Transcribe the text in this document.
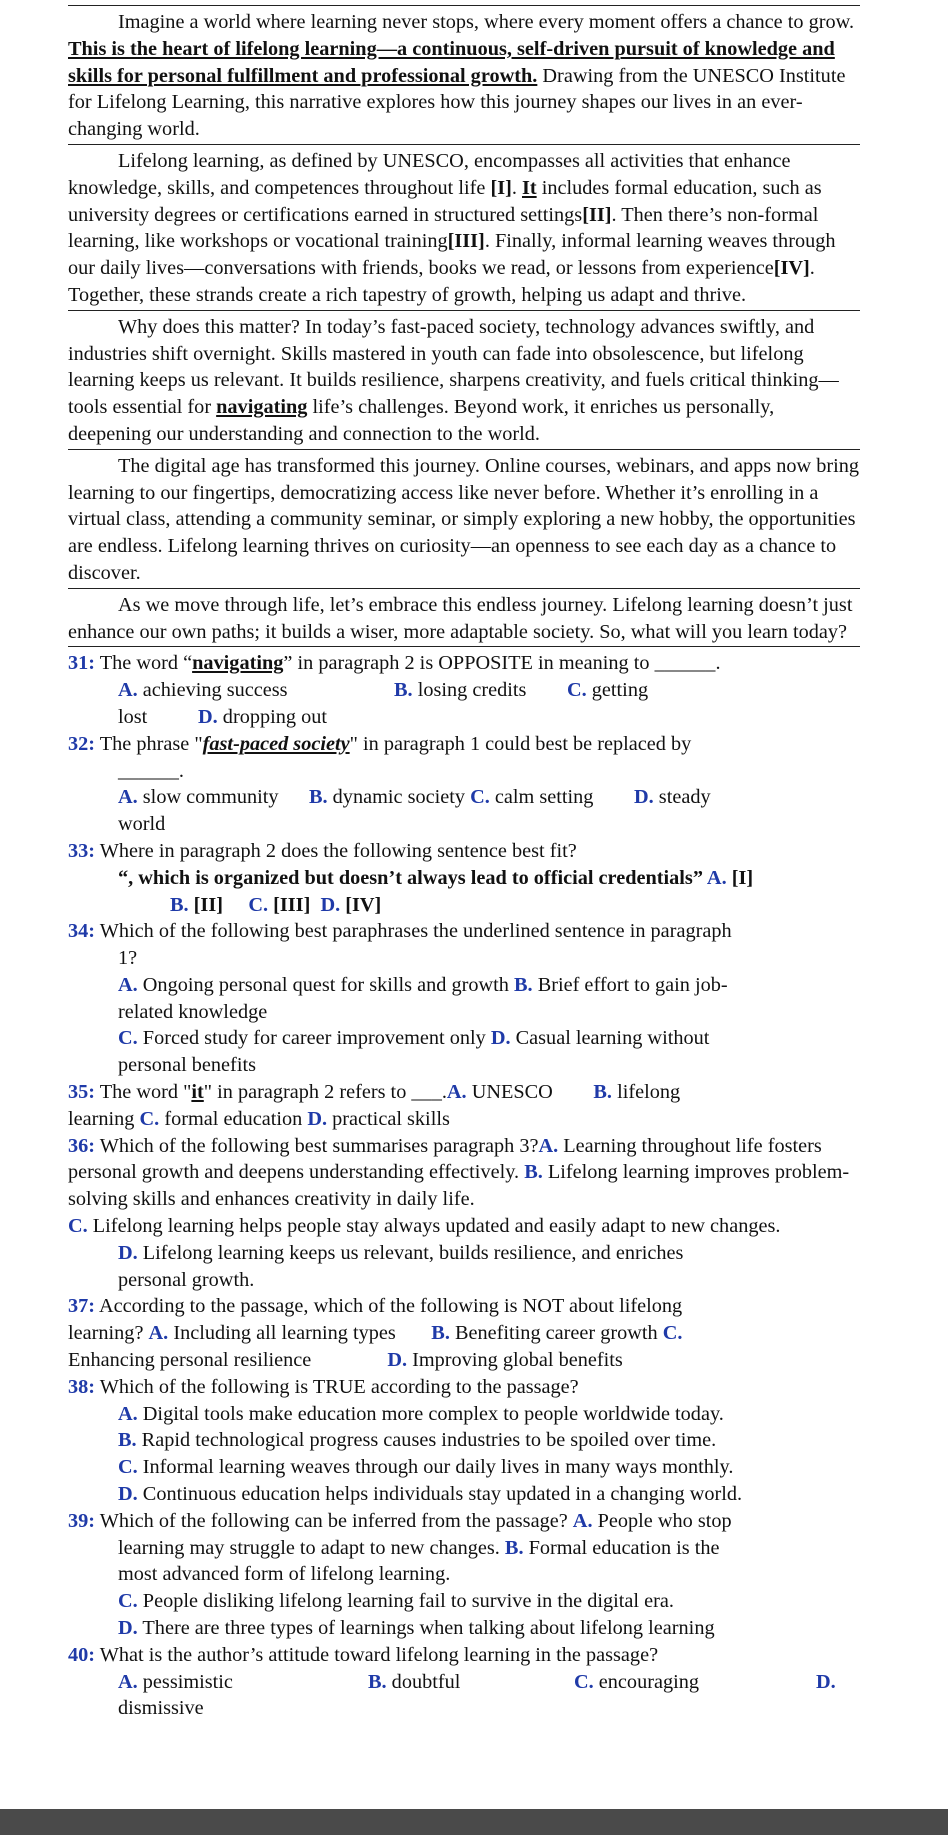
Imagine a world where learning never stops, where every moment offers a chance to grow. This is the heart of lifelong learning—a continuous, self-driven pursuit of knowledge and skills for personal fulfillment and professional growth. Drawing from the UNESCO Institute for Lifelong Learning, this narrative explores how this journey shapes our lives in an ever-changing world.

Lifelong learning, as defined by UNESCO, encompasses all activities that enhance knowledge, skills, and competences throughout life [I]. It includes formal education, such as university degrees or certifications earned in structured settings[II]. Then there’s non-formal learning, like workshops or vocational training[III]. Finally, informal learning weaves through our daily lives—conversations with friends, books we read, or lessons from experience[IV]. Together, these strands create a rich tapestry of growth, helping us adapt and thrive.

Why does this matter? In today’s fast-paced society, technology advances swiftly, and industries shift overnight. Skills mastered in youth can fade into obsolescence, but lifelong learning keeps us relevant. It builds resilience, sharpens creativity, and fuels critical thinking—tools essential for navigating life’s challenges. Beyond work, it enriches us personally, deepening our understanding and connection to the world.

The digital age has transformed this journey. Online courses, webinars, and apps now bring learning to our fingertips, democratizing access like never before. Whether it’s enrolling in a virtual class, attending a community seminar, or simply exploring a new hobby, the opportunities are endless. Lifelong learning thrives on curiosity—an openness to see each day as a chance to discover.

As we move through life, let’s embrace this endless journey. Lifelong learning doesn’t just enhance our own paths; it builds a wiser, more adaptable society. So, what will you learn today?

31: The word “navigating” in paragraph 2 is OPPOSITE in meaning to ______.

A. achieving success	B. losing credits C. getting

lost D. dropping out

32: The phrase "fast-paced society" in paragraph 1 could best be replaced by

______.

A. slow community B. dynamic society C. calm setting D. steady

world

33: Where in paragraph 2 does the following sentence best fit?

“, which is organized but doesn’t always lead to official credentials” A. [I]

B. [II] C. [III] D. [IV]

34: Which of the following best paraphrases the underlined sentence in paragraph

1?

A. Ongoing personal quest for skills and growth B. Brief effort to gain job-

related knowledge

C. Forced study for career improvement only D. Casual learning without

personal benefits

35: The word "it" in paragraph 2 refers to ___.A. UNESCO B. lifelong

learning C. formal education D. practical skills

36: Which of the following best summarises paragraph 3?A. Learning throughout life fosters personal growth and deepens understanding effectively. B. Lifelong learning improves problem-solving skills and enhances creativity in daily life.

C. Lifelong learning helps people stay always updated and easily adapt to new changes.

D. Lifelong learning keeps us relevant, builds resilience, and enriches

personal growth.

37: According to the passage, which of the following is NOT about lifelong

learning? A. Including all learning types B. Benefiting career growth C.

Enhancing personal resilience	D. Improving global benefits

38: Which of the following is TRUE according to the passage?

A. Digital tools make education more complex to people worldwide today.

B. Rapid technological progress causes industries to be spoiled over time.

C. Informal learning weaves through our daily lives in many ways monthly.

D. Continuous education helps individuals stay updated in a changing world.

39: Which of the following can be inferred from the passage? A. People who stop

learning may struggle to adapt to new changes. B. Formal education is the

most advanced form of lifelong learning.

C. People disliking lifelong learning fail to survive in the digital era.

D. There are three types of learnings when talking about lifelong learning

40: What is the author’s attitude toward lifelong learning in the passage?

A. pessimistic	B. doubtful	C. encouraging	D.

dismissive
